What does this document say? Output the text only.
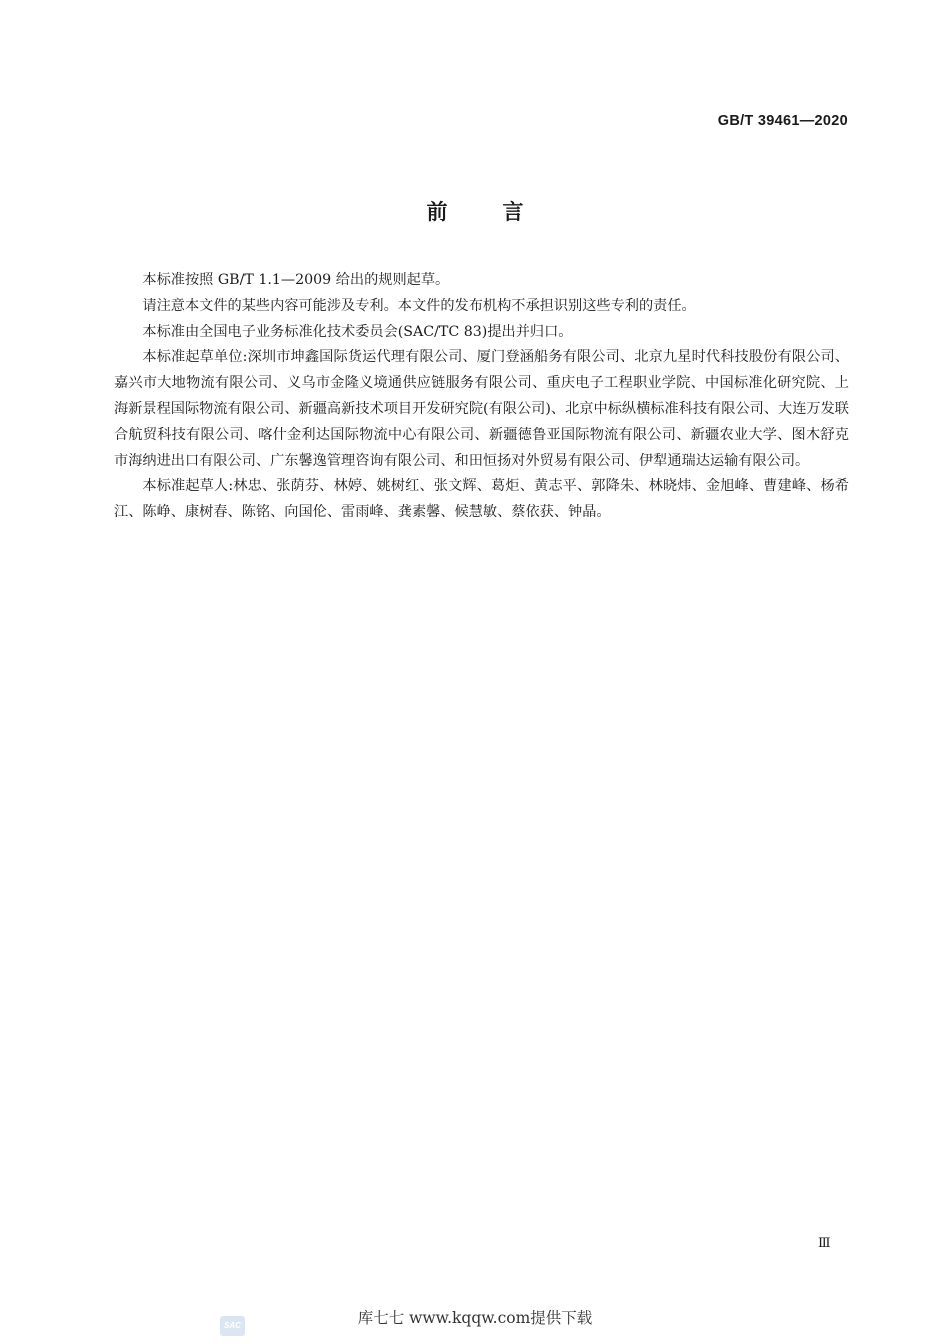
GB/T 39461—2020
前言

本标准按照 GB/T 1.1—2009 给出的规则起草。

请注意本文件的某些内容可能涉及专利。本文件的发布机构不承担识别这些专利的责任。

本标准由全国电子业务标准化技术委员会(SAC/TC 83)提出并归口。

本标准起草单位:深圳市坤鑫国际货运代理有限公司、厦门登涵船务有限公司、北京九星时代科技股份有限公司、嘉兴市大地物流有限公司、义乌市金隆义境通供应链服务有限公司、重庆电子工程职业学院、中国标准化研究院、上海新景程国际物流有限公司、新疆高新技术项目开发研究院(有限公司)、北京中标纵横标准科技有限公司、大连万发联合航贸科技有限公司、喀什金利达国际物流中心有限公司、新疆德鲁亚国际物流有限公司、新疆农业大学、图木舒克市海纳进出口有限公司、广东馨逸管理咨询有限公司、和田恒扬对外贸易有限公司、伊犁通瑞达运输有限公司。

本标准起草人:林忠、张荫芬、林婷、姚树红、张文辉、葛炬、黄志平、郭降朱、林晓炜、金旭峰、曹建峰、杨希江、陈峥、康树春、陈铭、向国伦、雷雨峰、龚素馨、候慧敏、蔡依获、钟晶。

Ⅲ
SAC	库七七 www.kqqw.com提供下载
